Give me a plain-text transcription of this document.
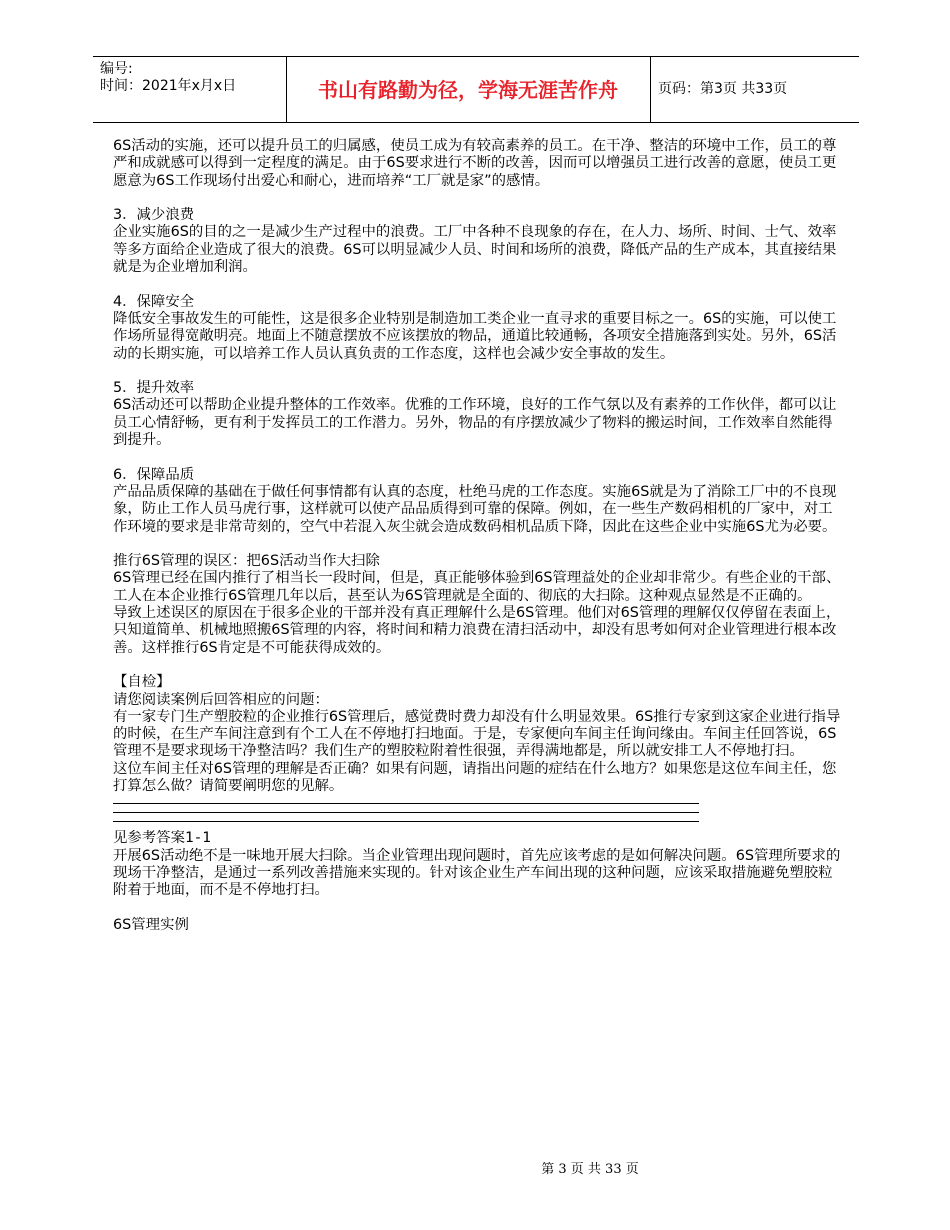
编号:
时间：2021年x月x日	书山有路勤为径，学海无涯苦作舟	页码：第3页 共33页

6S活动的实施，还可以提升员工的归属感，使员工成为有较高素养的员工。在干净、整洁的环境中工作，员工的尊严和成就感可以得到一定程度的满足。由于6S要求进行不断的改善，因而可以增强员工进行改善的意愿，使员工更愿意为6S工作现场付出爱心和耐心，进而培养“工厂就是家”的感情。

3．减少浪费

企业实施6S的目的之一是减少生产过程中的浪费。工厂中各种不良现象的存在，在人力、场所、时间、士气、效率等多方面给企业造成了很大的浪费。6S可以明显减少人员、时间和场所的浪费，降低产品的生产成本，其直接结果就是为企业增加利润。

4．保障安全

降低安全事故发生的可能性，这是很多企业特别是制造加工类企业一直寻求的重要目标之一。6S的实施，可以使工作场所显得宽敞明亮。地面上不随意摆放不应该摆放的物品，通道比较通畅，各项安全措施落到实处。另外，6S活动的长期实施，可以培养工作人员认真负责的工作态度，这样也会减少安全事故的发生。

5．提升效率

6S活动还可以帮助企业提升整体的工作效率。优雅的工作环境，良好的工作气氛以及有素养的工作伙伴，都可以让员工心情舒畅，更有利于发挥员工的工作潜力。另外，物品的有序摆放减少了物料的搬运时间，工作效率自然能得到提升。

6．保障品质

产品品质保障的基础在于做任何事情都有认真的态度，杜绝马虎的工作态度。实施6S就是为了消除工厂中的不良现象，防止工作人员马虎行事，这样就可以使产品品质得到可靠的保障。例如，在一些生产数码相机的厂家中，对工作环境的要求是非常苛刻的，空气中若混入灰尘就会造成数码相机品质下降，因此在这些企业中实施6S尤为必要。

推行6S管理的误区：把6S活动当作大扫除

6S管理已经在国内推行了相当长一段时间，但是，真正能够体验到6S管理益处的企业却非常少。有些企业的干部、工人在本企业推行6S管理几年以后，甚至认为6S管理就是全面的、彻底的大扫除。这种观点显然是不正确的。

导致上述误区的原因在于很多企业的干部并没有真正理解什么是6S管理。他们对6S管理的理解仅仅停留在表面上，只知道简单、机械地照搬6S管理的内容，将时间和精力浪费在清扫活动中，却没有思考如何对企业管理进行根本改善。这样推行6S肯定是不可能获得成效的。

【自检】

请您阅读案例后回答相应的问题：

有一家专门生产塑胶粒的企业推行6S管理后，感觉费时费力却没有什么明显效果。6S推行专家到这家企业进行指导的时候，在生产车间注意到有个工人在不停地打扫地面。于是，专家便向车间主任询问缘由。车间主任回答说，6S管理不是要求现场干净整洁吗？我们生产的塑胶粒附着性很强，弄得满地都是，所以就安排工人不停地打扫。

这位车间主任对6S管理的理解是否正确？如果有问题，请指出问题的症结在什么地方？如果您是这位车间主任，您打算怎么做？请简要阐明您的见解。

见参考答案1-1

开展6S活动绝不是一味地开展大扫除。当企业管理出现问题时，首先应该考虑的是如何解决问题。6S管理所要求的现场干净整洁，是通过一系列改善措施来实现的。针对该企业生产车间出现的这种问题，应该采取措施避免塑胶粒附着于地面，而不是不停地打扫。

6S管理实例

第 3 页 共 33 页
